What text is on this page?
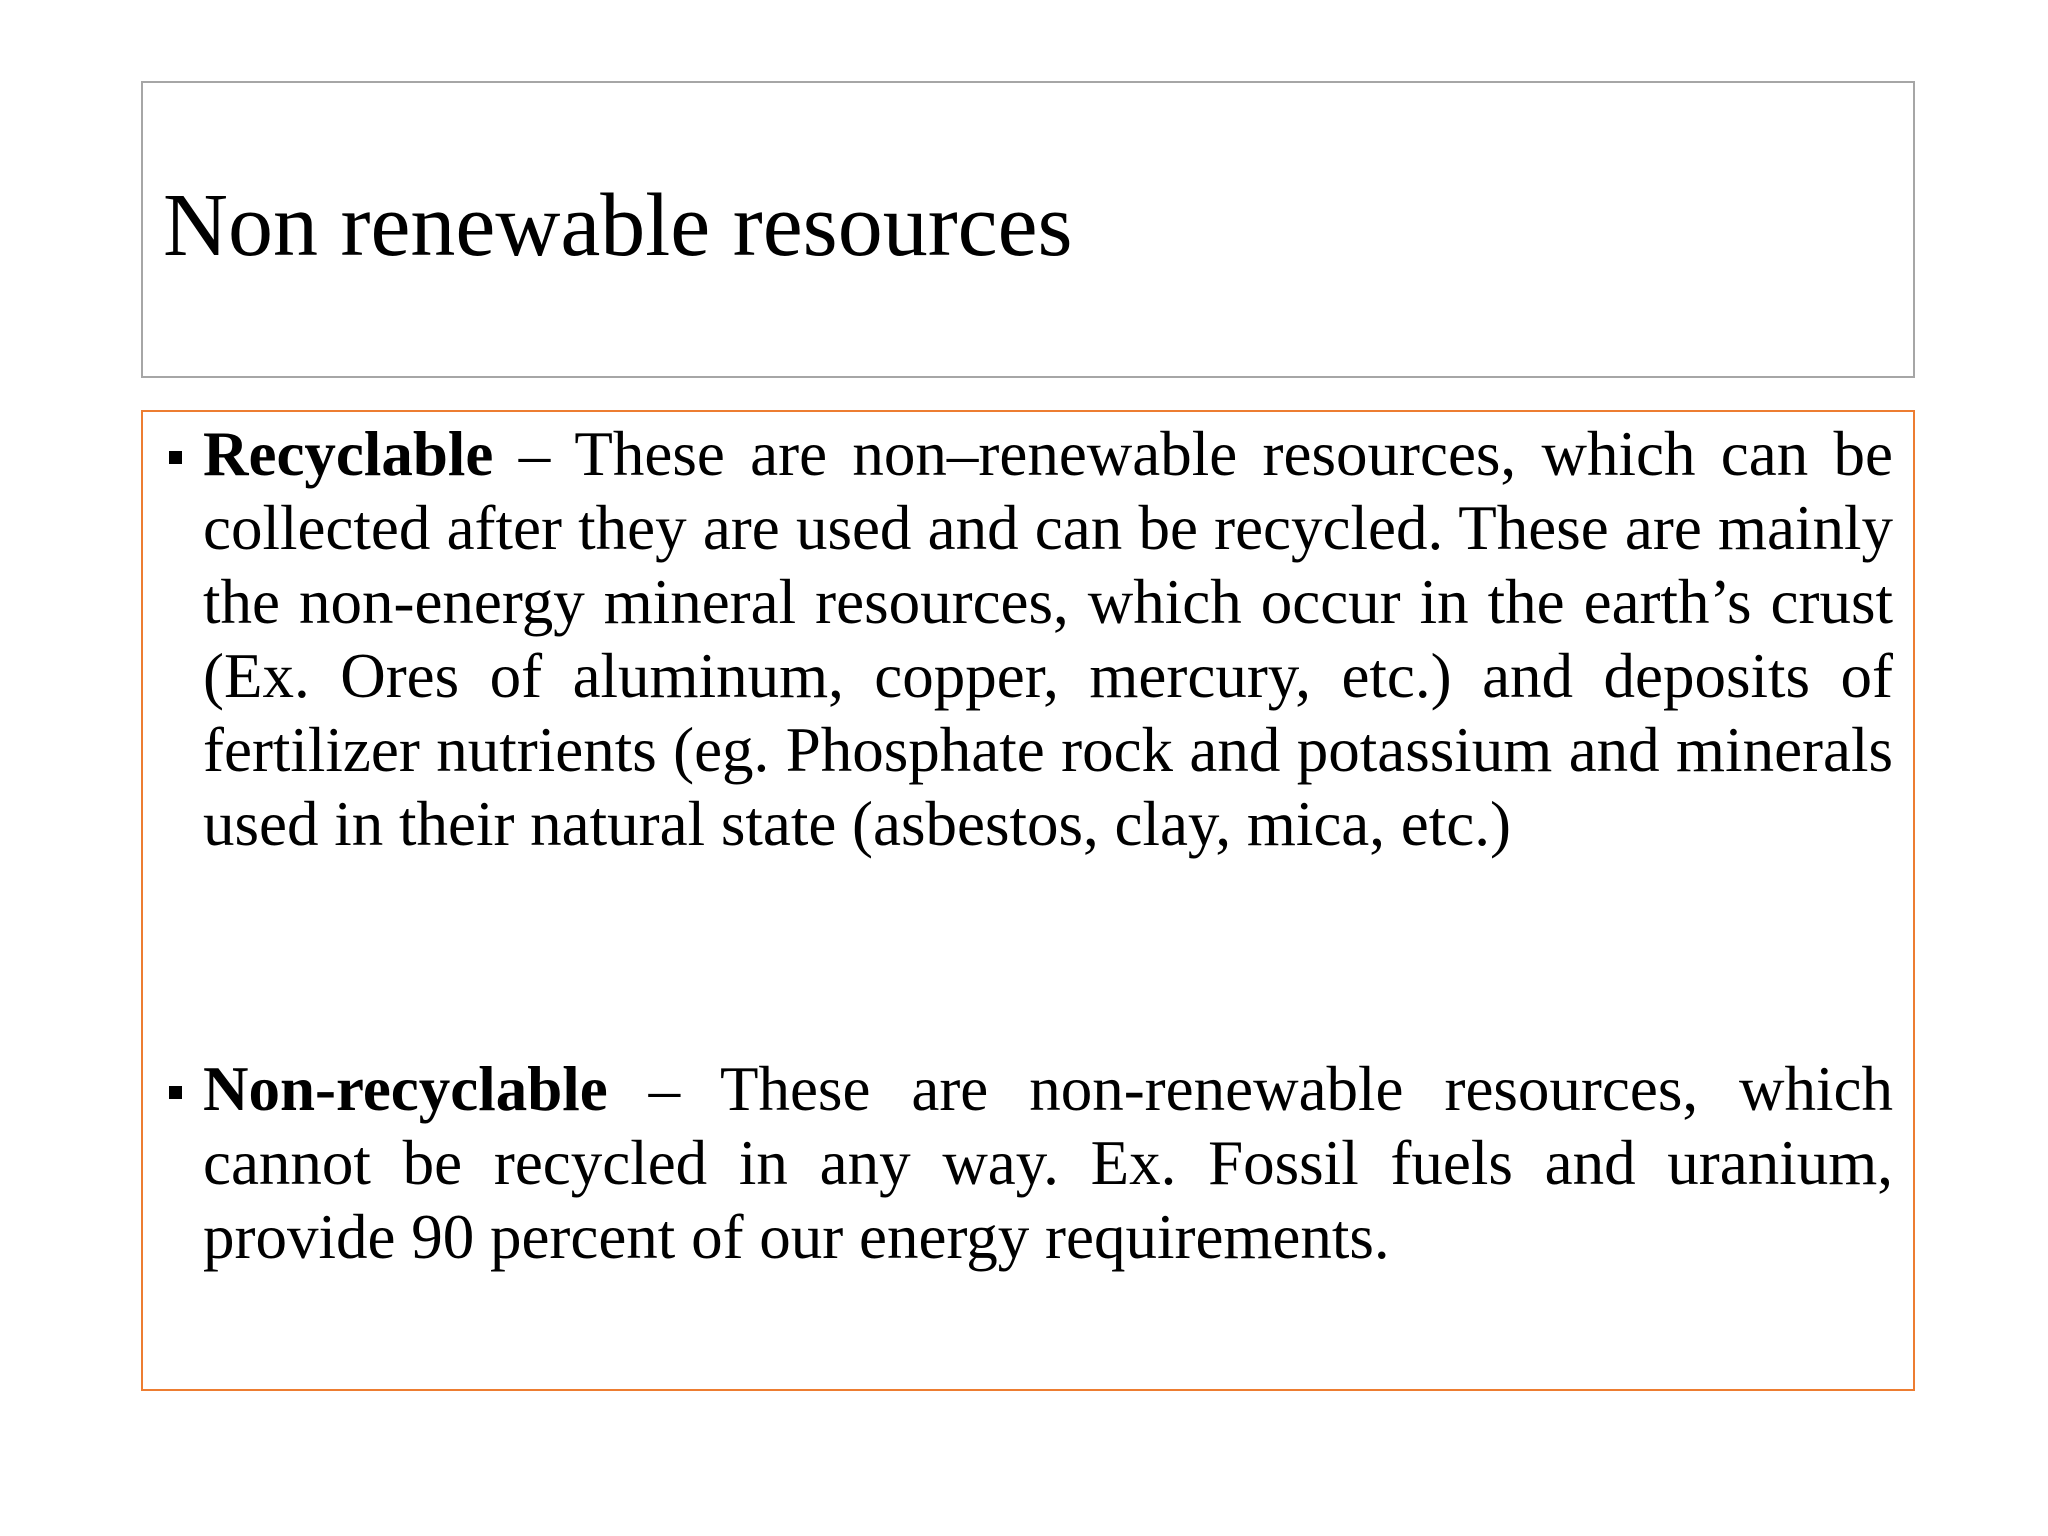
Non renewable resources

Recyclable – These are non–renewable resources, which can be collected after they are used and can be recycled. These are mainly the non-energy mineral resources, which occur in the earth’s crust (Ex. Ores of aluminum, copper, mercury, etc.) and deposits of fertilizer nutrients (eg. Phosphate rock and potassium and minerals used in their natural state (asbestos, clay, mica, etc.)

Non-recyclable – These are non-renewable resources, which cannot be recycled in any way. Ex. Fossil fuels and uranium, provide 90 percent of our energy requirements.
